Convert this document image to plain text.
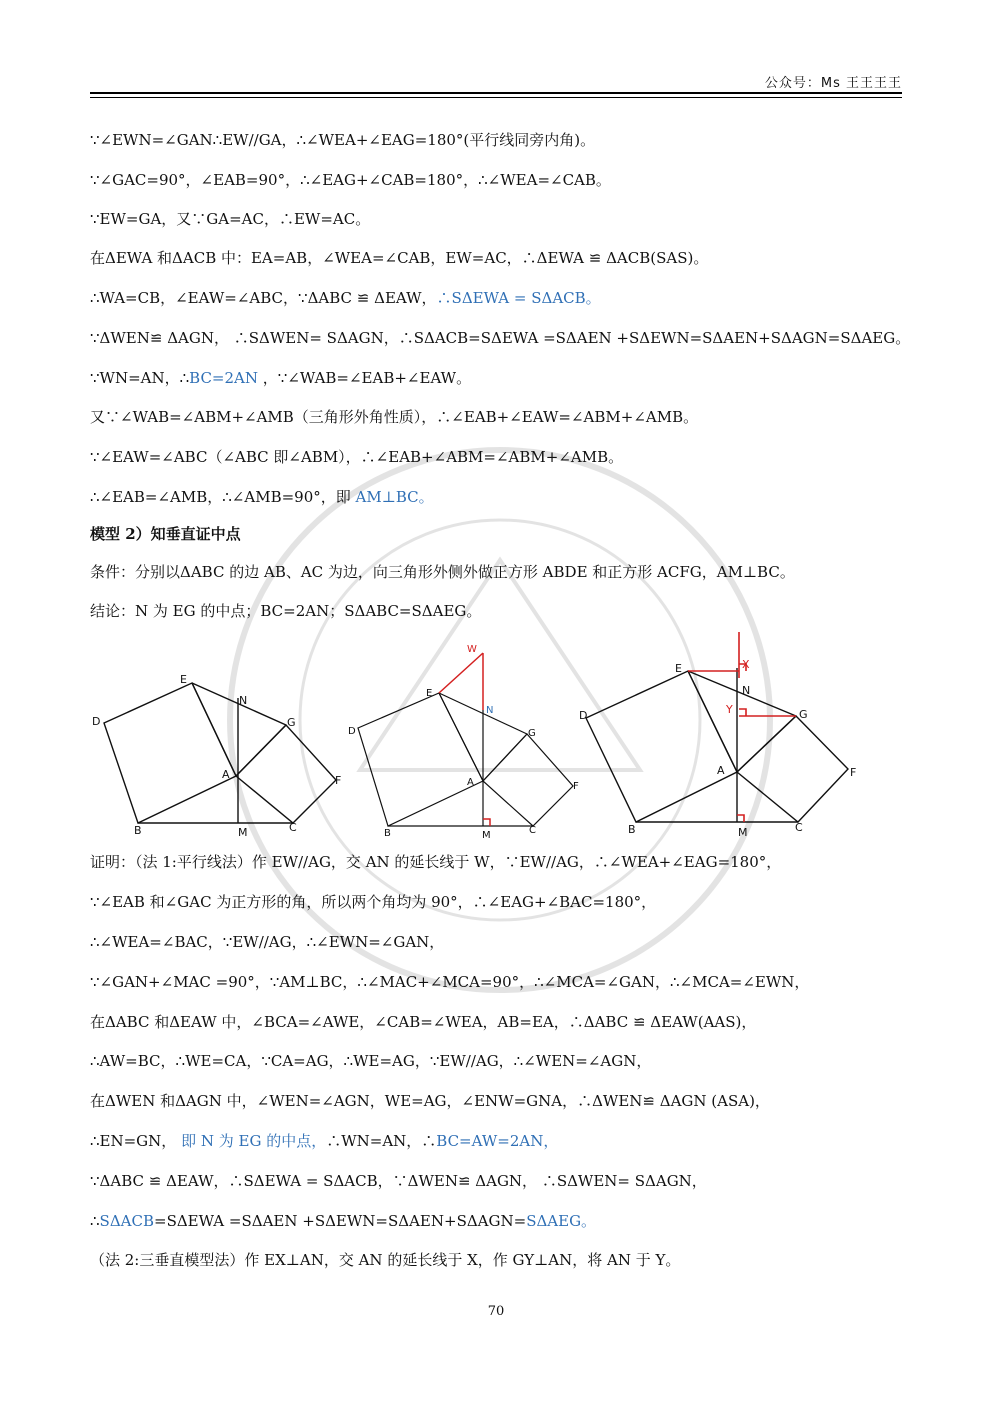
公众号：Ms 王王王王
∵∠EWN=∠GAN∴EW//GA，∴∠WEA+∠EAG=180°(平行线同旁内角)。
∵∠GAC=90°，∠EAB=90°，∴∠EAG+∠CAB=180°，∴∠WEA=∠CAB。
∵EW=GA，又∵GA=AC，∴EW=AC。
在ΔEWA 和ΔACB 中：EA=AB，∠WEA=∠CAB，EW=AC，∴ΔEWA ≌ ΔACB(SAS)。
∴WA=CB，∠EAW=∠ABC，∵ΔABC ≌ ΔEAW，∴SΔEWA = SΔACB。
∵ΔWEN≌ ΔAGN， ∴SΔWEN= SΔAGN，∴SΔACB=SΔEWA =SΔAEN +SΔEWN=SΔAEN+SΔAGN=SΔAEG。
∵WN=AN，∴BC=2AN ，∵∠WAB=∠EAB+∠EAW。
又∵∠WAB=∠ABM+∠AMB（三角形外角性质），∴∠EAB+∠EAW=∠ABM+∠AMB。
∵∠EAW=∠ABC（∠ABC 即∠ABM），∴∠EAB+∠ABM=∠ABM+∠AMB。
∴∠EAB=∠AMB，∴∠AMB=90°，即 AM⊥BC。
模型 2）知垂直证中点
条件：分别以ΔABC 的边 AB、AC 为边，向三角形外侧外做正方形 ABDE 和正方形 ACFG，AM⊥BC。
结论：N 为 EG 的中点；BC=2AN；SΔABC=SΔAEG。
E
D
N
G
A	F
B	M	C
W
E
N
D	G
A	F
B	M	C
E	X
N
D	Y	G
A	F
B	M	C
证明：（法 1:平行线法）作 EW//AG，交 AN 的延长线于 W，∵EW//AG，∴∠WEA+∠EAG=180°，
∵∠EAB 和∠GAC 为正方形的角，所以两个角均为 90°，∴∠EAG+∠BAC=180°，
∴∠WEA=∠BAC，∵EW//AG，∴∠EWN=∠GAN，
∵∠GAN+∠MAC =90°，∵AM⊥BC，∴∠MAC+∠MCA=90°，∴∠MCA=∠GAN，∴∠MCA=∠EWN，
在ΔABC 和ΔEAW 中，∠BCA=∠AWE，∠CAB=∠WEA，AB=EA，∴ΔABC ≌ ΔEAW(AAS)，
∴AW=BC，∴WE=CA，∵CA=AG，∴WE=AG，∵EW//AG，∴∠WEN=∠AGN，
在ΔWEN 和ΔAGN 中，∠WEN=∠AGN，WE=AG，∠ENW=GNA，∴ΔWEN≌ ΔAGN (ASA)，
∴EN=GN， 即 N 为 EG 的中点，∴WN=AN，∴BC=AW=2AN，
∵ΔABC ≌ ΔEAW，∴SΔEWA = SΔACB，∵ΔWEN≌ ΔAGN， ∴SΔWEN= SΔAGN，
∴SΔACB=SΔEWA =SΔAEN +SΔEWN=SΔAEN+SΔAGN=SΔAEG。
（法 2:三垂直模型法）作 EX⊥AN，交 AN 的延长线于 X，作 GY⊥AN，将 AN 于 Y。
70
